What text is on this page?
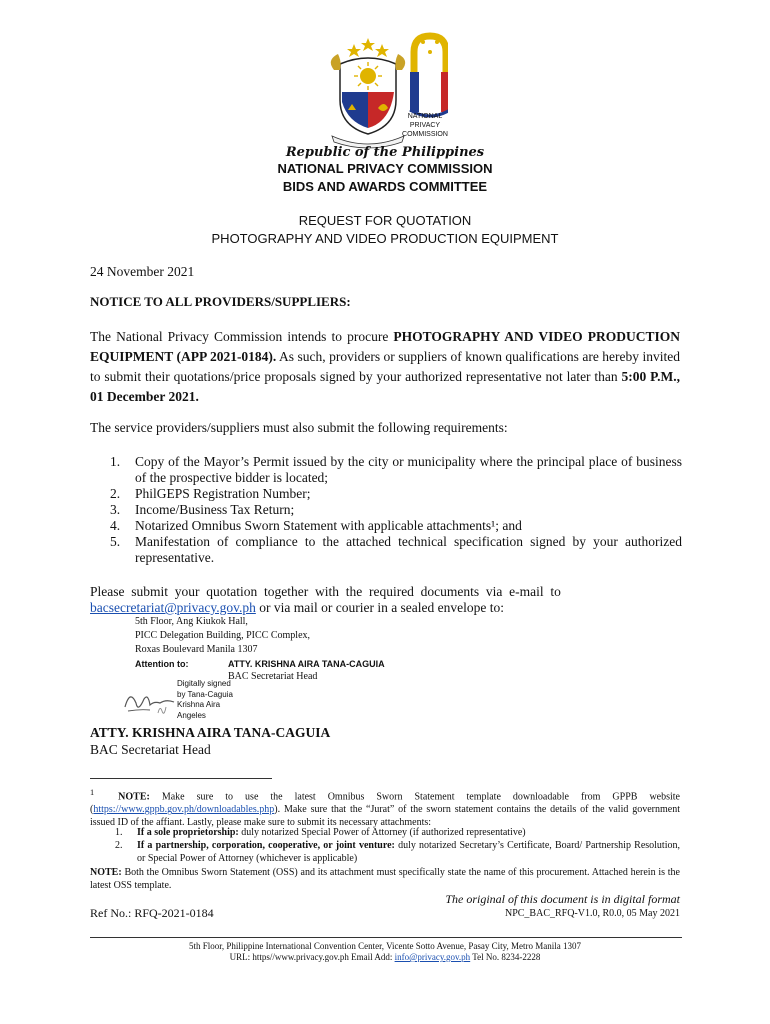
NATIONAL
PRIVACY
COMMISSION
Republic of the Philippines
NATIONAL PRIVACY COMMISSION
BIDS AND AWARDS COMMITTEE
REQUEST FOR QUOTATION
PHOTOGRAPHY AND VIDEO PRODUCTION EQUIPMENT
24 November 2021
NOTICE TO ALL PROVIDERS/SUPPLIERS:
The National Privacy Commission intends to procure PHOTOGRAPHY AND VIDEO PRODUCTION EQUIPMENT (APP 2021-0184). As such, providers or suppliers of known qualifications are hereby invited to submit their quotations/price proposals signed by your authorized representative not later than 5:00 P.M., 01 December 2021.
The service providers/suppliers must also submit the following requirements:
1.	Copy of the Mayor’s Permit issued by the city or municipality where the principal place of business of the prospective bidder is located;
2.	PhilGEPS Registration Number;
3.	Income/Business Tax Return;
4.	Notarized Omnibus Sworn Statement with applicable attachments¹; and
5.	Manifestation of compliance to the attached technical specification signed by your authorized representative.
Please  submit  your  quotation  together  with  the  required  documents  via  e-mail  to
bacsecretariat@privacy.gov.ph or via mail or courier in a sealed envelope to:
5th Floor, Ang Kiukok Hall,
PICC Delegation Building, PICC Complex,
Roxas Boulevard Manila 1307
Attention to:	ATTY. KRISHNA AIRA TANA-CAGUIA
BAC Secretariat Head
Digitally signed
by Tana-Caguia
Krishna Aira
Angeles
ATTY. KRISHNA AIRA TANA-CAGUIA
BAC Secretariat Head
$^1$ NOTE: Make sure to use the latest Omnibus Sworn Statement template downloadable from GPPB website (https://www.gppb.gov.ph/downloadables.php). Make sure that the “Jurat” of the sworn statement contains the details of the valid government issued ID of the affiant. Lastly, please make sure to submit its necessary attachments:
1. If a sole proprietorship: duly notarized Special Power of Attorney (if authorized representative)
2. If a partnership, corporation, cooperative, or joint venture: duly notarized Secretary’s Certificate, Board/ Partnership Resolution, or Special Power of Attorney (whichever is applicable)
NOTE: Both the Omnibus Sworn Statement (OSS) and its attachment must specifically state the name of this procurement. Attached herein is the latest OSS template.
The original of this document is in digital format
Ref No.: RFQ-2021-0184	NPC_BAC_RFQ-V1.0, R0.0, 05 May 2021
5th Floor, Philippine International Convention Center, Vicente Sotto Avenue, Pasay City, Metro Manila 1307
URL: https//www.privacy.gov.ph Email Add: info@privacy.gov.ph Tel No. 8234-2228
